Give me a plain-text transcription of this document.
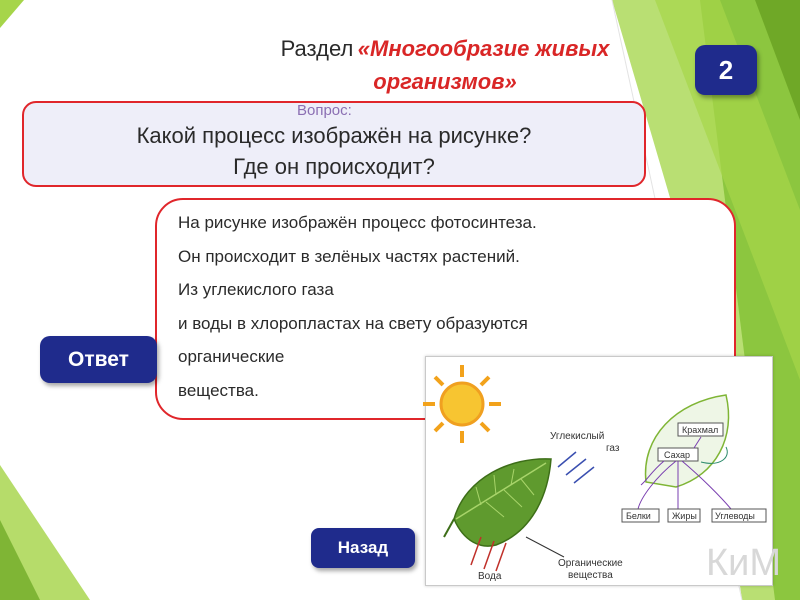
Раздел «Многообразие живых
организмов»	2
Вопрос:
Какой процесс изображён на рисунке?
Где он происходит?
На рисунке изображён процесс фотосинтеза.
Он происходит в зелёных частях растений.
Из углекислого газа
и воды в хлоропластах на свету образуются
органические
вещества.
Ответ
Назад
Углекислый
газ
Вода
Органические
вещества
Крахмал
Сахар
Белки Жиры Углеводы
КиМ
